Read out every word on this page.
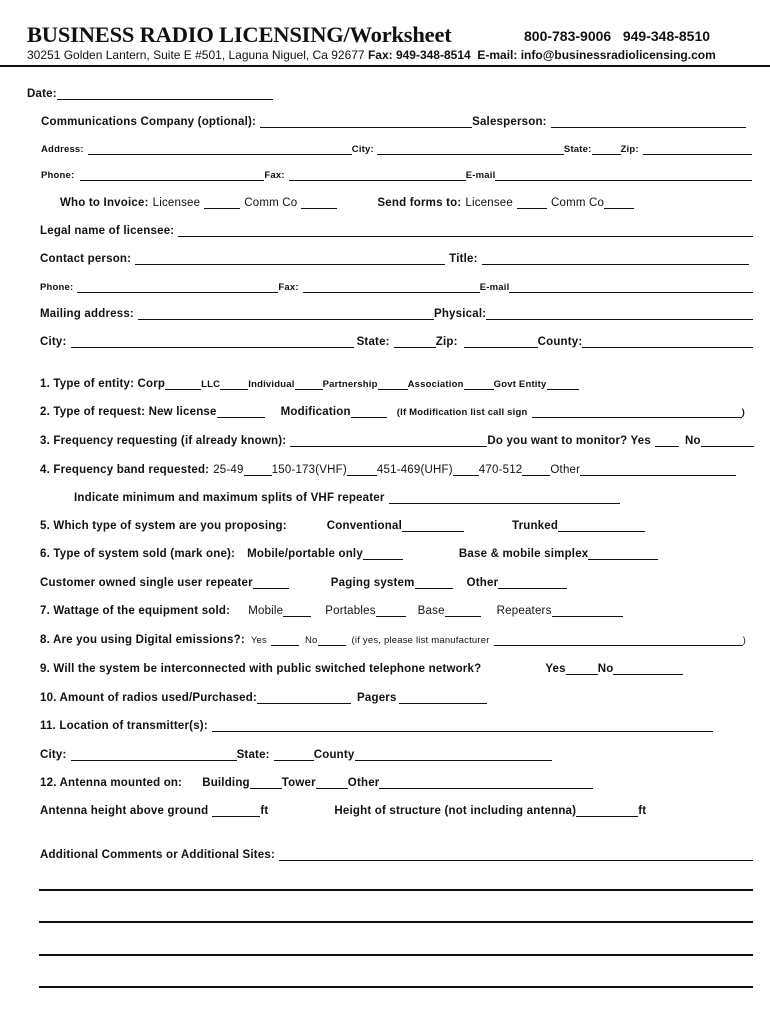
BUSINESS RADIO LICENSING/Worksheet	800-783-9006 949-348-8510
30251 Golden Lantern, Suite E #501, Laguna Niguel, Ca 92677 Fax: 949-348-8514 E-mail: info@businessradiolicensing.com
Date:
Communications Company (optional):	Salesperson:
Address:	City:	State:	Zip:
Phone:	Fax:	E-mail
Who to Invoice: Licensee	Comm Co	Send forms to: Licensee	Comm Co
Legal name of licensee:
Contact person:	Title:
Phone:	Fax:	E-mail
Mailing address:	Physical:
City:	State:	Zip:	County:
1. Type of entity: Corp	LLC	Individual	Partnership	Association	Govt Entity
2. Type of request: New license	Modification	(If Modification list call sign	)
3. Frequency requesting (if already known):	Do you want to monitor? Yes	No
4. Frequency band requested: 25-49 150-173(VHF)	451-469(UHF) 470-512 Other
Indicate minimum and maximum splits of VHF repeater
5. Which type of system are you proposing:	Conventional	Trunked
6. Type of system sold (mark one): Mobile/portable only	Base & mobile simplex
Customer owned single user repeater	Paging system	Other
7. Wattage of the equipment sold: Mobile	Portables	Base	Repeaters
8. Are you using Digital emissions?: Yes	No	(if yes, please list manufacturer	)
9. Will the system be interconnected with public switched telephone network?	Yes	No
10. Amount of radios used/Purchased:	Pagers
11. Location of transmitter(s):
City:	State:	County
12. Antenna mounted on: Building	Tower	Other
Antenna height above ground	ft	Height of structure (not including antenna)	ft
Additional Comments or Additional Sites:
